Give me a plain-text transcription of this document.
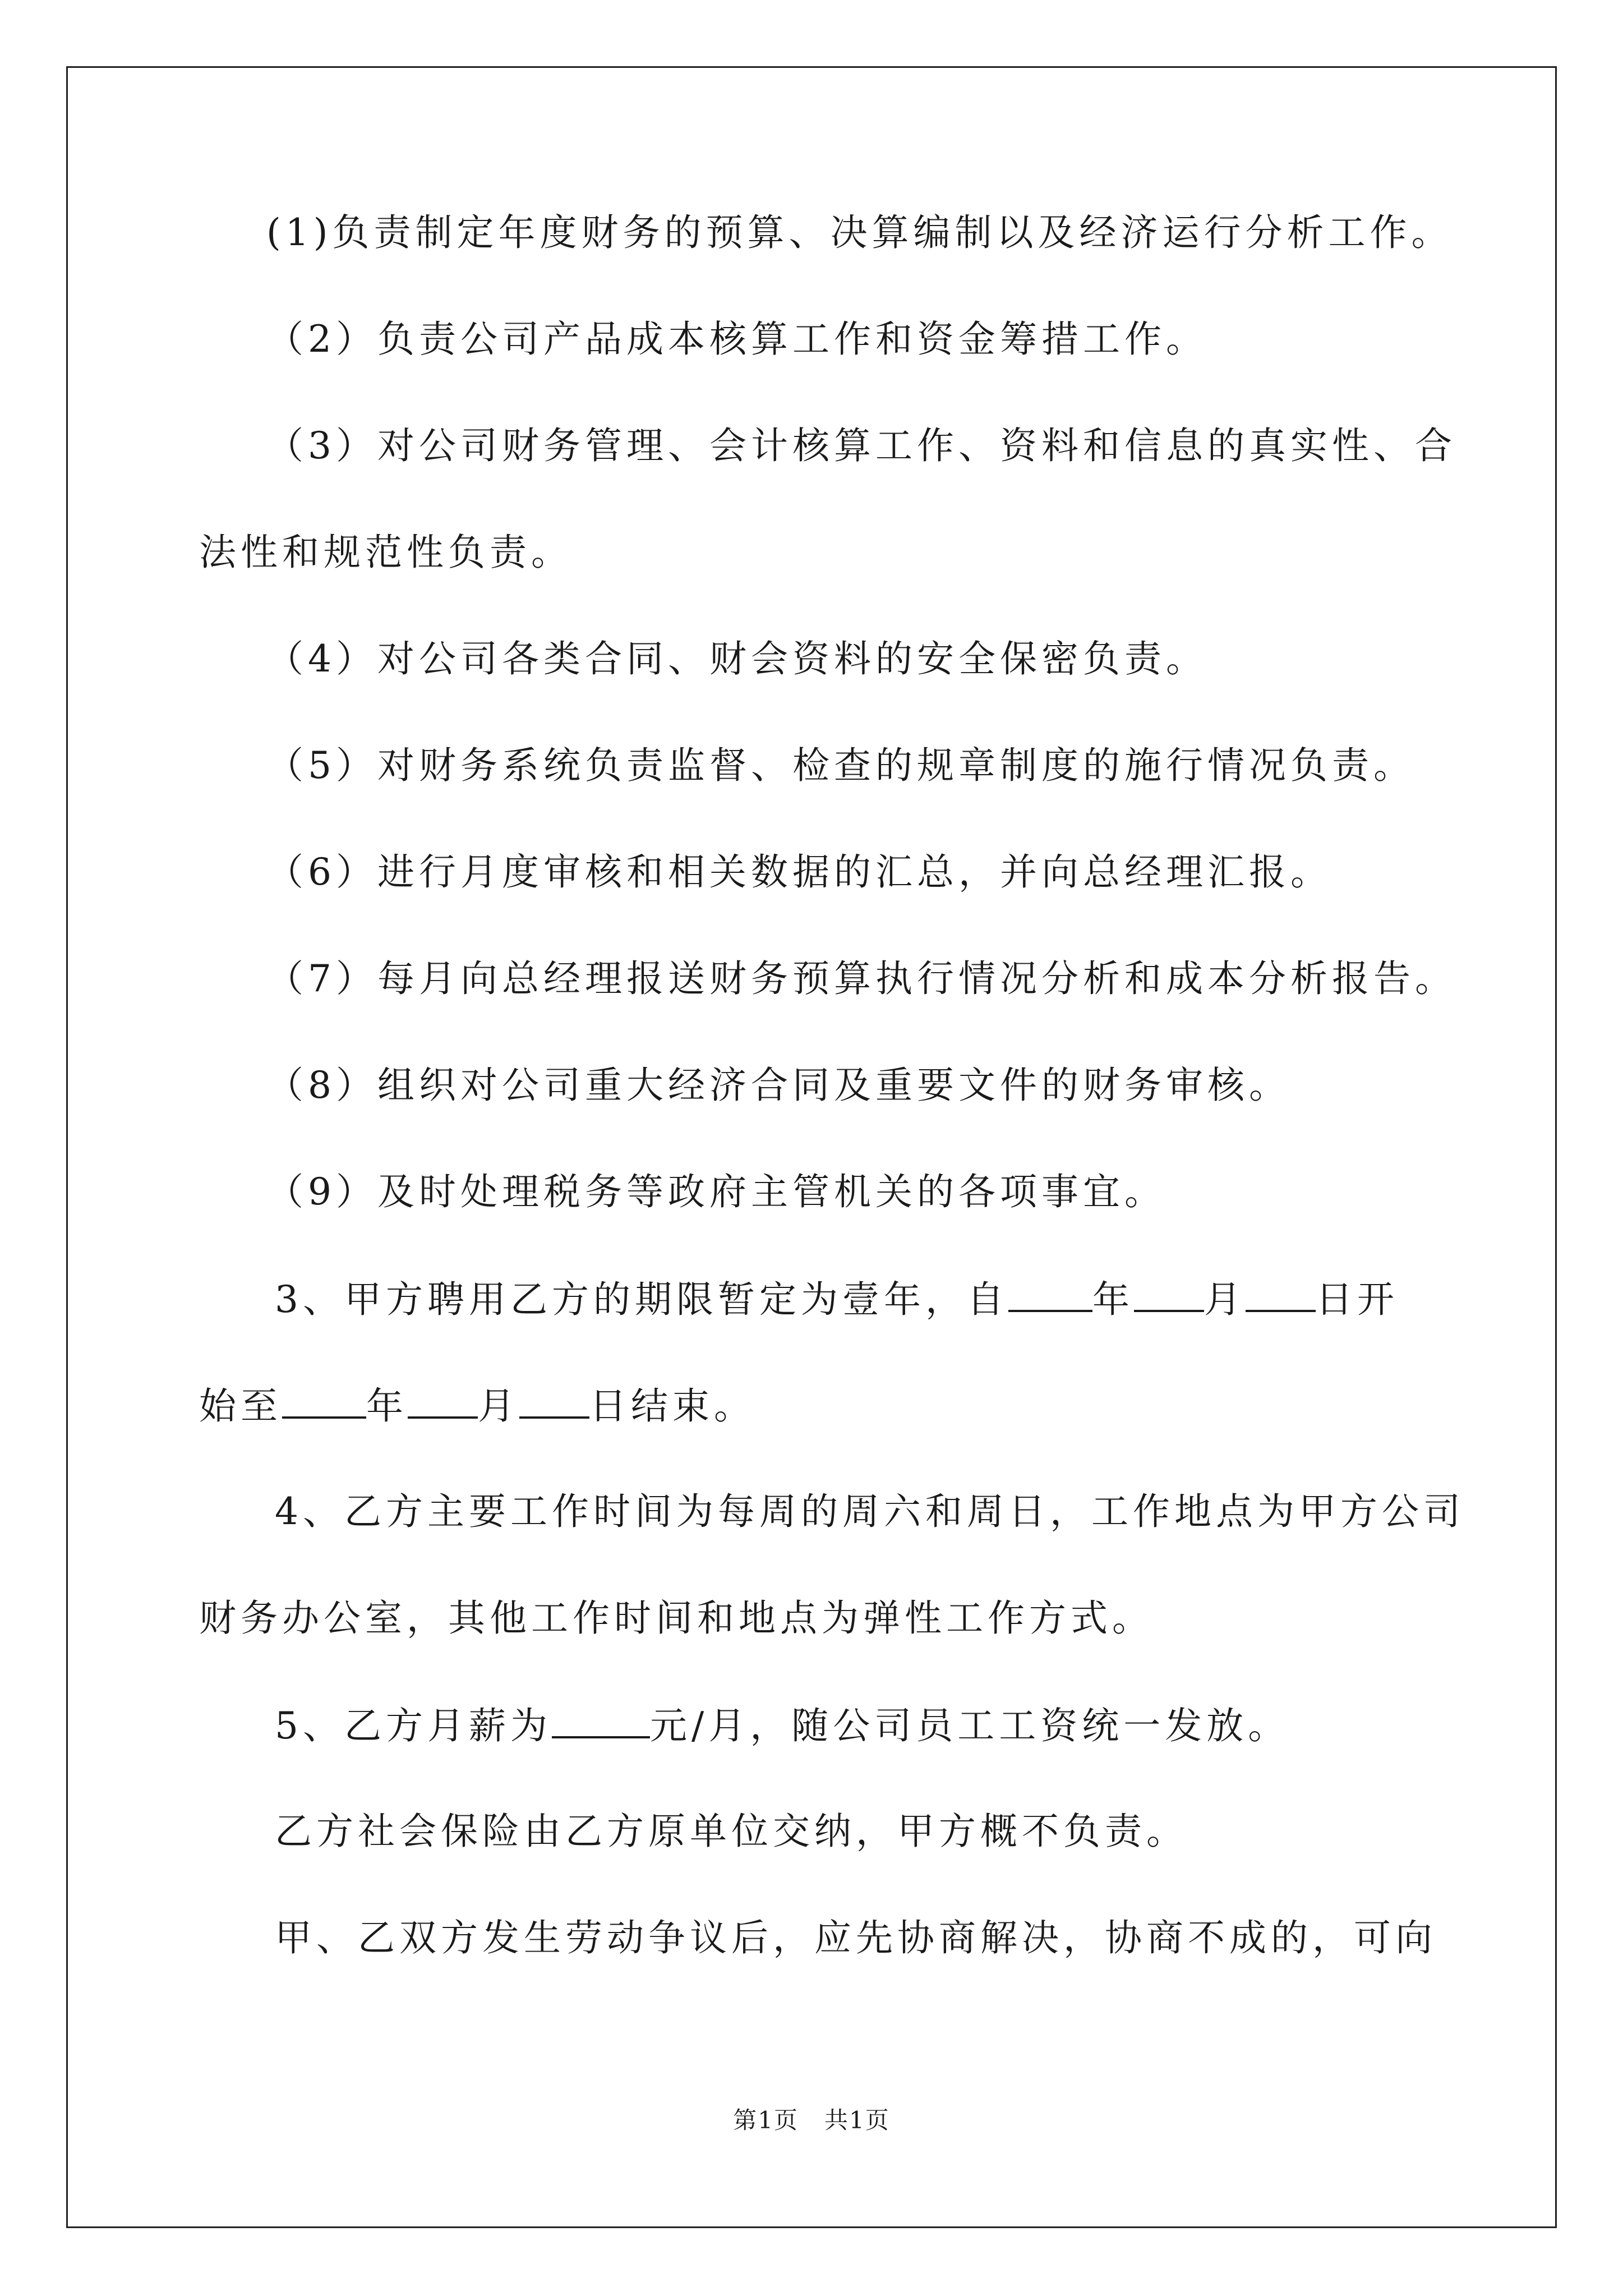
(1)负责制定年度财务的预算、决算编制以及经济运行分析工作。
（2）负责公司产品成本核算工作和资金筹措工作。
（3）对公司财务管理、会计核算工作、资料和信息的真实性、合
法性和规范性负责。
（4）对公司各类合同、财会资料的安全保密负责。
（5）对财务系统负责监督、检查的规章制度的施行情况负责。
（6）进行月度审核和相关数据的汇总，并向总经理汇报。
（7）每月向总经理报送财务预算执行情况分析和成本分析报告。
（8）组织对公司重大经济合同及重要文件的财务审核。
（9）及时处理税务等政府主管机关的各项事宜。
3、甲方聘用乙方的期限暂定为壹年，自 年 月 日开
始至 年 月 日结束。
4、乙方主要工作时间为每周的周六和周日，工作地点为甲方公司
财务办公室，其他工作时间和地点为弹性工作方式。
5、乙方月薪为	元/月，随公司员工工资统一发放。
乙方社会保险由乙方原单位交纳，甲方概不负责。
甲、乙双方发生劳动争议后，应先协商解决，协商不成的，可向
第1页 共1页
